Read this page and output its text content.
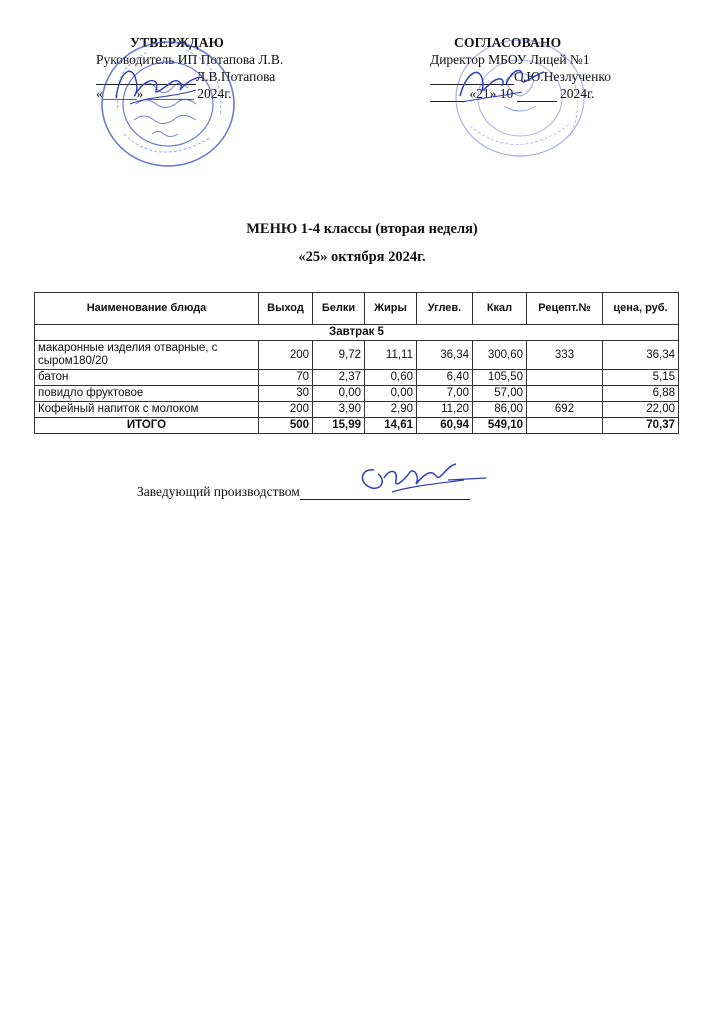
УТВЕРЖДАЮ
Руководитель ИП Потапова Л.В.
Л.В.Потапова
«_____» _______ 2024г.
СОГЛАСОВАНО
Директор МБОУ Лицей №1
С.Ю.Незлученко
«21» 10	2024г.
МЕНЮ 1-4 классы (вторая неделя)
«25» октября 2024г.
Наименование блюда	Выход	Белки	Жиры	Углев.	Ккал	Рецепт.№	цена, руб.
Завтрак 5							
макаронные изделия отварные, с сыром180/20	200	9,72	11,11	36,34	300,60	333	36,34
батон	70	2,37	0,60	6,40	105,50		5,15
повидло фруктовое	30	0,00	0,00	7,00	57,00		6,88
Кофейный напиток с молоком	200	3,90	2,90	11,20	86,00	692	22,00
ИТОГО	500	15,99	14,61	60,94	549,10		70,37
Заведующий производством
